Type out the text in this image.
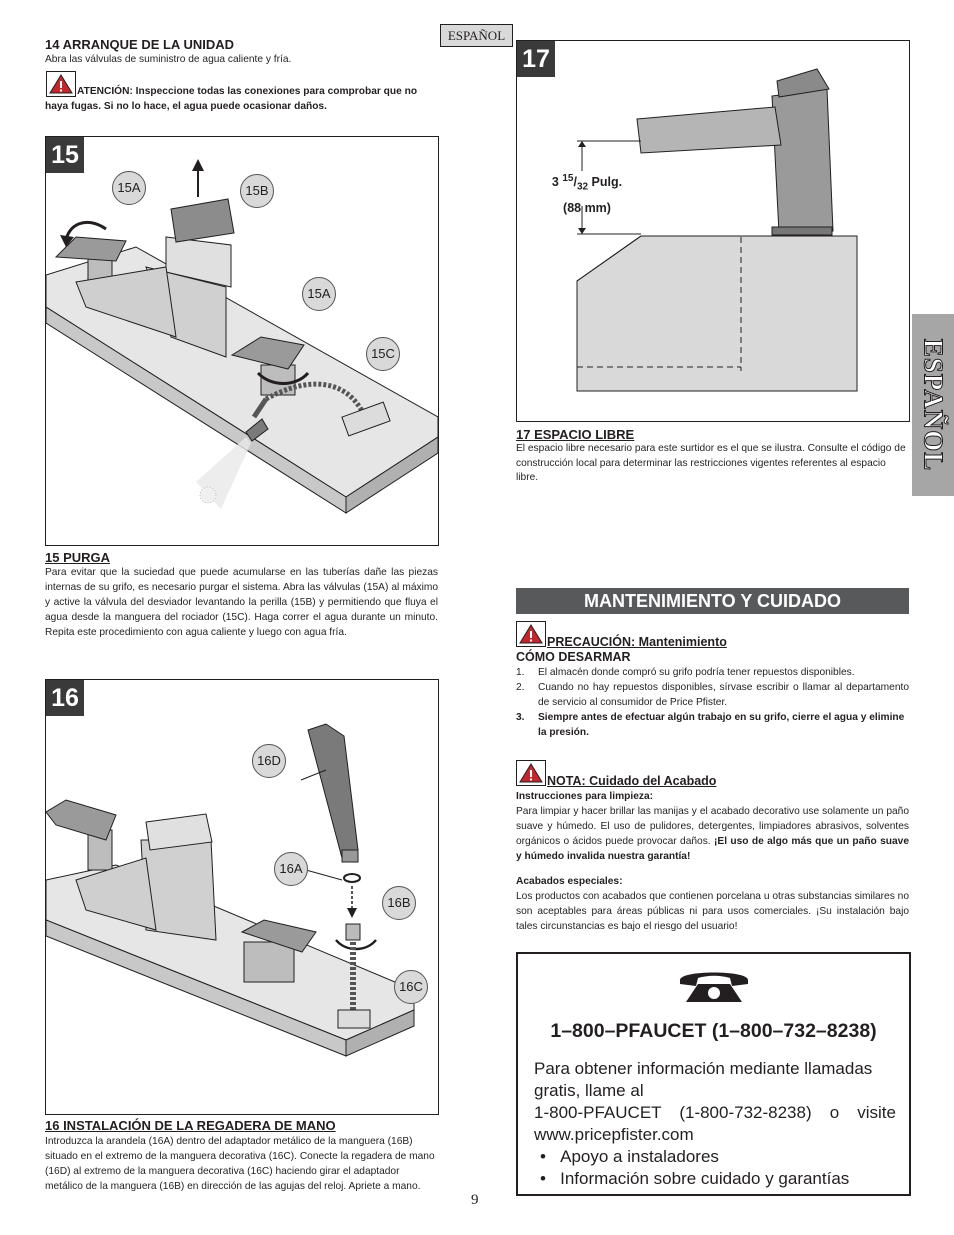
ESPAÑOL
ESPAÑOL
14 ARRANQUE DE LA UNIDAD
Abra las válvulas de suministro de agua caliente y fría.
ATENCIÓN: Inspeccione todas las conexiones para comprobar que no haya fugas. Si no lo hace, el agua puede ocasionar daños.
15
15A	15B
15A
15C
15 PURGA
Para evitar que la suciedad que puede acumularse en las tuberías dañe las piezas internas de su grifo, es necesario purgar el sistema. Abra las válvulas (15A) al máximo y active la válvula del desviador levantando la perilla (15B) y permitiendo que fluya el agua desde la manguera del rociador (15C). Haga correr el agua durante un minuto. Repita este procedimiento con agua caliente y luego con agua fría.
16
16D
16A
16B
16C
16 INSTALACIÓN DE LA REGADERA DE MANO
Introduzca la arandela (16A) dentro del adaptador metálico de la manguera (16B) situado en el extremo de la manguera decorativa (16C). Conecte la regadera de mano (16D) al extremo de la manguera decorativa (16C) haciendo girar el adaptador metálico de la manguera (16B) en dirección de las agujas del reloj. Apriete a mano.
17
3 $^{15}/_{32}$ Pulg.
(88 mm)
17 ESPACIO LIBRE
El espacio libre necesario para este surtidor es el que se ilustra. Consulte el código de construcción local para determinar las restricciones vigentes referentes al espacio libre.
MANTENIMIENTO Y CUIDADO
PRECAUCIÓN: Mantenimiento
CÓMO DESARMAR
1.	El almacén donde compró su grifo podría tener repuestos disponibles.
2.	Cuando no hay repuestos disponibles, sírvase escribir o llamar al departamento de servicio al consumidor de Price Pfister.
3.	Siempre antes de efectuar algún trabajo en su grifo, cierre el agua y elimine la presión.
NOTA: Cuidado del Acabado
Instrucciones para limpieza:
Para limpiar y hacer brillar las manijas y el acabado decorativo use solamente un paño suave y húmedo. El uso de pulidores, detergentes, limpiadores abrasivos, solventes orgánicos o ácidos puede provocar daños. ¡El uso de algo más que un paño suave y húmedo invalida nuestra garantía!
Acabados especiales:
Los productos con acabados que contienen porcelana u otras substancias similares no son aceptables para áreas públicas ni para usos comerciales. ¡Su instalación bajo tales circunstancias es bajo el riesgo del usuario!
1–800–PFAUCET (1–800–732–8238)
Para obtener información mediante llamadas gratis, llame al
1-800-PFAUCET (1-800-732-8238) o visite
www.pricepfister.com
•   Apoyo a instaladores
•   Información sobre cuidado y garantías
9
